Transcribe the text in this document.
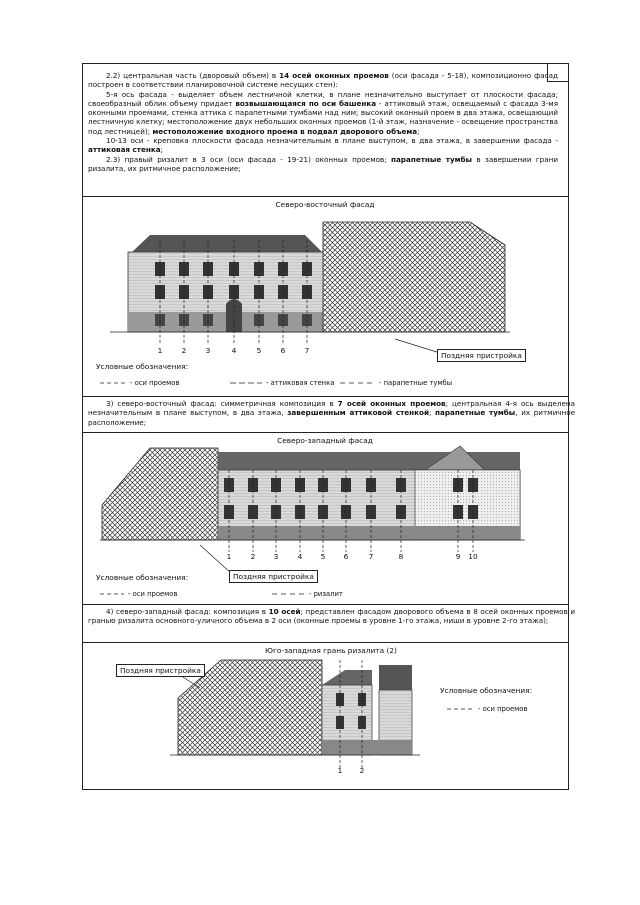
2.2) центральная часть (дворовый объем) в 14 осей оконных проемов (оси фасада - 5-18), композиционно фасад построен в соответствии планировочной системе несущих стен):

5-я ось фасада - выделяет объем лестничной клетки, в плане незначительно выступает от плоскости фасада; своеобразный облик объему придает возвышающаяся по оси башенка - аттиковый этаж, освещаемый с фасада 3-мя оконными проемами, стенка аттика с парапетными тумбами над ним; высокий оконный проем в два этажа, освещающий лестничную клетку; местоположение двух небольших оконных проемов (1-й этаж, назначение - освещение пространства под лестницей); местоположение входного проема в подвал дворового объема;

10-13 оси - креповка плоскости фасада незначительным в плане выступом, в два этажа, в завершении фасада - аттиковая стенка;

2.3) правый ризалит в 3 оси (оси фасада - 19-21) оконных проемов; парапетные тумбы в завершении грани ризалита, их ритмичное расположение;

Северо-восточный фасад
1	2	3	4	5	6	7
Поздняя пристройка
Условные обозначения:
- оси проемов	- аттиковая стенка	- парапетные тумбы

3) северо-восточный фасад: симметричная композиция в 7 осей оконных проемов; центральная 4-я ось выделена незначительным в плане выступом, в два этажа, завершенным аттиковой стенкой; парапетные тумбы, их ритмичное расположение;

Северо-западный фасад
1	2	3	4	5	6	7	8	9	10
Поздняя пристройка
Условные обозначения:
- оси проемов	- ризалит

4) северо-западный фасад: композиция в 10 осей; представлен фасадом дворового объема в 8 осей оконных проемов и гранью ризалита основного-уличного объема в 2 оси (оконные проемы в уровне 1-го этажа, ниши в уровне 2-го этажа);

Юго-западная грань ризалита (2)
1	2
Поздняя пристройка
Условные обозначения:
- оси проемов
